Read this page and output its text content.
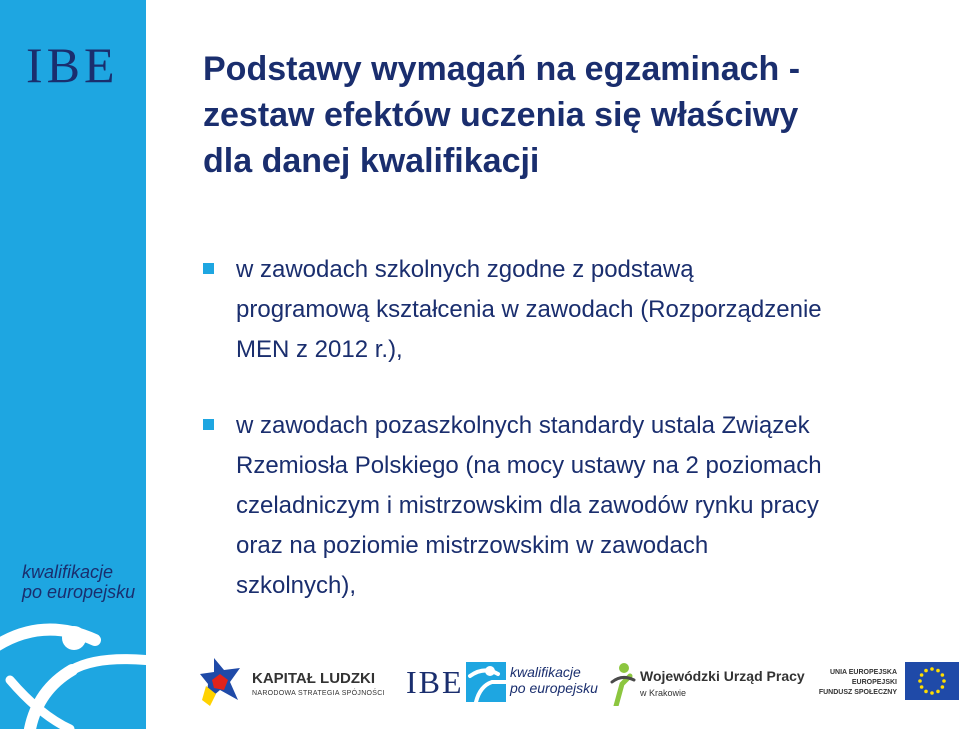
IBE
kwalifikacje
po europejsku
Podstawy wymagań na egzaminach -
zestaw efektów uczenia się właściwy
dla danej kwalifikacji
w zawodach szkolnych zgodne z podstawą
programową kształcenia w zawodach (Rozporządzenie
MEN z 2012 r.),
w zawodach pozaszkolnych standardy ustala Związek
Rzemiosła Polskiego (na mocy ustawy na 2 poziomach
czeladniczym i mistrzowskim dla zawodów rynku pracy
oraz na poziomie mistrzowskim w zawodach
szkolnych),
KAPITAŁ LUDZKI
NARODOWA STRATEGIA SPÓJNOŚCI IBE	kwalifikacje
po europejsku
Wojewódzki Urząd Pracy
w Krakowie
UNIA EUROPEJSKA
EUROPEJSKI
FUNDUSZ SPOŁECZNY
